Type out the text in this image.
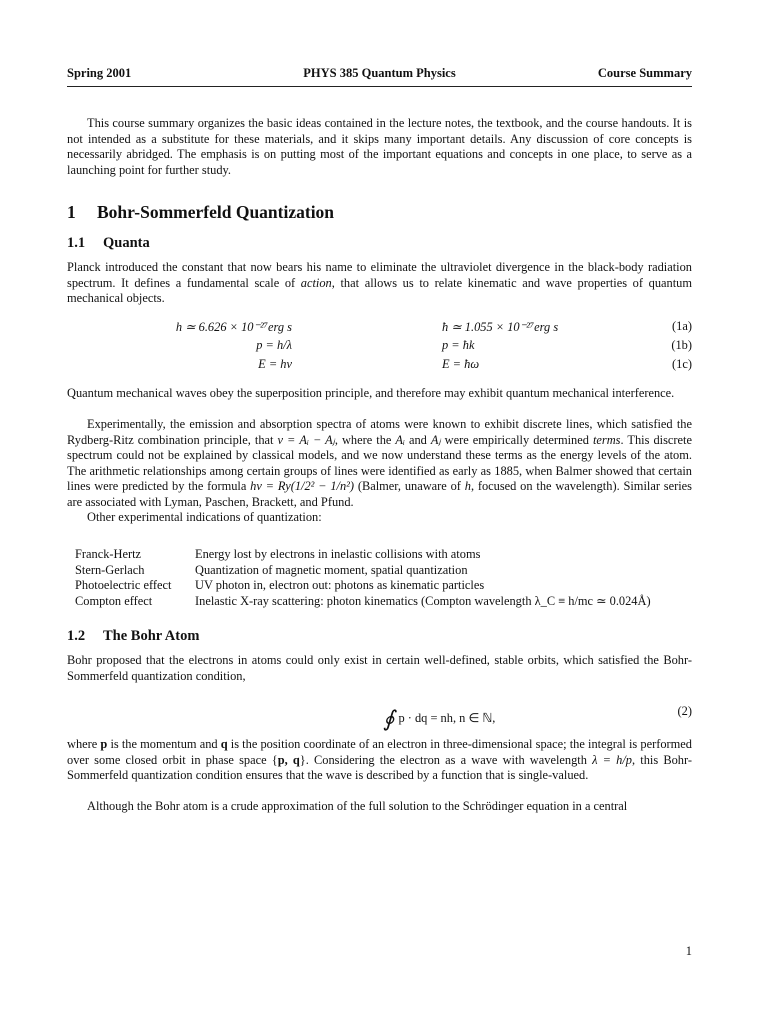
Spring 2001	PHYS 385 Quantum Physics	Course Summary

This course summary organizes the basic ideas contained in the lecture notes, the textbook, and the course handouts. It is not intended as a substitute for these materials, and it skips many important details. Any discussion of core concepts is necessarily abridged. The emphasis is on putting most of the important equations and concepts in one place, to serve as a launching point for further study.

1 Bohr-Sommerfeld Quantization
1.1 Quanta

Planck introduced the constant that now bears his name to eliminate the ultraviolet divergence in the black-body radiation spectrum. It defines a fundamental scale of action, that allows us to relate kinematic and wave properties of quantum mechanical objects.

h ≃ 6.626 × 10⁻²⁷erg s	ħ ≃ 1.055 × 10⁻²⁷erg s	(1a)
p = h/λ	p = ħk	(1b)
E = hν	E = ħω	(1c)

Quantum mechanical waves obey the superposition principle, and therefore may exhibit quantum mechanical interference.

Experimentally, the emission and absorption spectra of atoms were known to exhibit discrete lines, which satisfied the Rydberg-Ritz combination principle, that ν = Aᵢ − Aⱼ, where the Aᵢ and Aⱼ were empirically determined terms. This discrete spectrum could not be explained by classical models, and we now understand these terms as the energy levels of the atom. The arithmetic relationships among certain groups of lines were identified as early as 1885, when Balmer showed that certain lines were predicted by the formula hν = Ry(1/2² − 1/n²) (Balmer, unaware of h, focused on the wavelength). Similar series are associated with Lyman, Paschen, Brackett, and Pfund.

Other experimental indications of quantization:

Franck-Hertz	Energy lost by electrons in inelastic collisions with atoms
Stern-Gerlach	Quantization of magnetic moment, spatial quantization
Photoelectric effect	UV photon in, electron out: photons as kinematic particles
Compton effect	Inelastic X-ray scattering: photon kinematics (Compton wavelength λ_C ≡ h/mc ≃ 0.024Å)
1.2 The Bohr Atom

Bohr proposed that the electrons in atoms could only exist in certain well-defined, stable orbits, which satisfied the Bohr-Sommerfeld quantization condition,

∮ p · dq = nh, n ∈ ℕ,	(2)

where p is the momentum and q is the position coordinate of an electron in three-dimensional space; the integral is performed over some closed orbit in phase space {p, q}. Considering the electron as a wave with wavelength λ = h/p, this Bohr-Sommerfeld quantization condition ensures that the wave is described by a function that is single-valued.

Although the Bohr atom is a crude approximation of the full solution to the Schrödinger equation in a central

1
